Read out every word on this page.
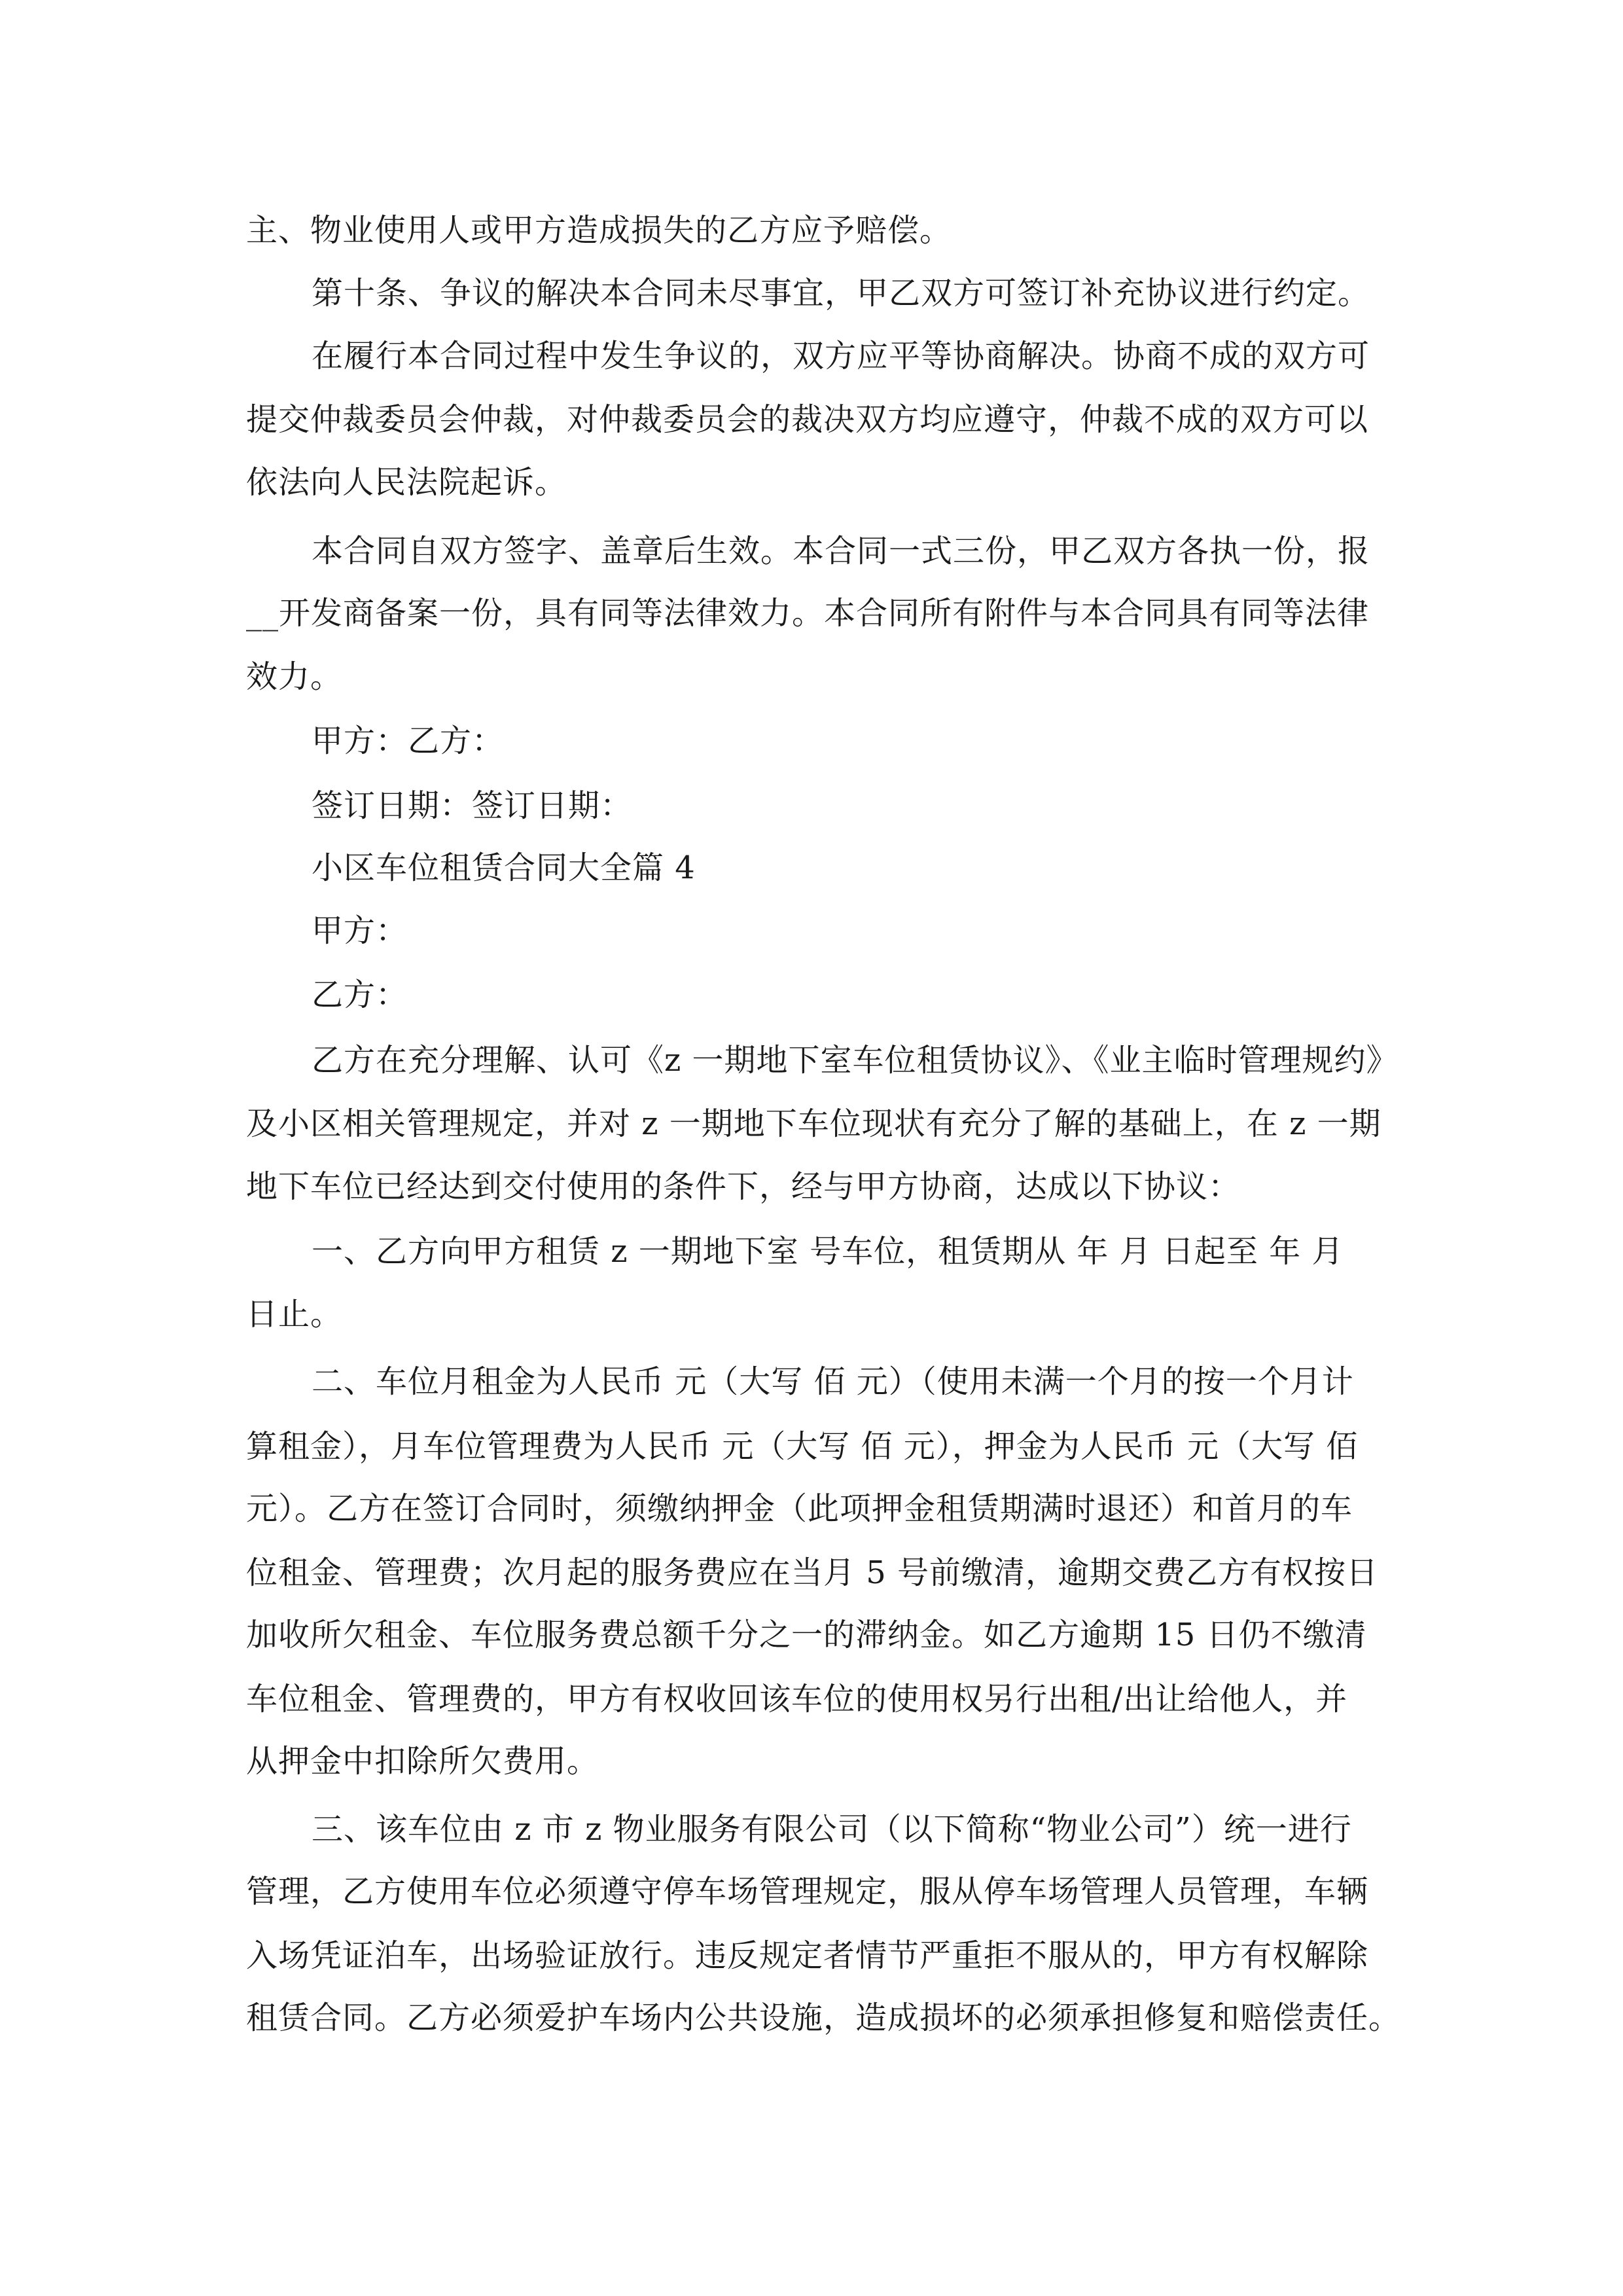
主、物业使用人或甲方造成损失的乙方应予赔偿。
第十条、争议的解决本合同未尽事宜，甲乙双方可签订补充协议进行约定。
在履行本合同过程中发生争议的，双方应平等协商解决。协商不成的双方可
提交仲裁委员会仲裁，对仲裁委员会的裁决双方均应遵守，仲裁不成的双方可以
依法向人民法院起诉。
本合同自双方签字、盖章后生效。本合同一式三份，甲乙双方各执一份，报
__开发商备案一份，具有同等法律效力。本合同所有附件与本合同具有同等法律
效力。
甲方：乙方：
签订日期：签订日期：
小区车位租赁合同大全篇 4
甲方：
乙方：
乙方在充分理解、认可《z 一期地下室车位租赁协议》、《业主临时管理规约》
及小区相关管理规定，并对 z 一期地下车位现状有充分了解的基础上，在 z 一期
地下车位已经达到交付使用的条件下，经与甲方协商，达成以下协议：
一、乙方向甲方租赁 z 一期地下室 号车位，租赁期从 年 月 日起至 年 月
日止。
二、车位月租金为人民币 元（大写 佰 元）（使用未满一个月的按一个月计
算租金），月车位管理费为人民币 元（大写 佰 元），押金为人民币 元（大写 佰
元）。乙方在签订合同时，须缴纳押金（此项押金租赁期满时退还）和首月的车
位租金、管理费；次月起的服务费应在当月 5 号前缴清，逾期交费乙方有权按日
加收所欠租金、车位服务费总额千分之一的滞纳金。如乙方逾期 15 日仍不缴清
车位租金、管理费的，甲方有权收回该车位的使用权另行出租/出让给他人，并
从押金中扣除所欠费用。
三、该车位由 z 市 z 物业服务有限公司（以下简称“物业公司”）统一进行
管理，乙方使用车位必须遵守停车场管理规定，服从停车场管理人员管理，车辆
入场凭证泊车，出场验证放行。违反规定者情节严重拒不服从的，甲方有权解除
租赁合同。乙方必须爱护车场内公共设施，造成损坏的必须承担修复和赔偿责任。
